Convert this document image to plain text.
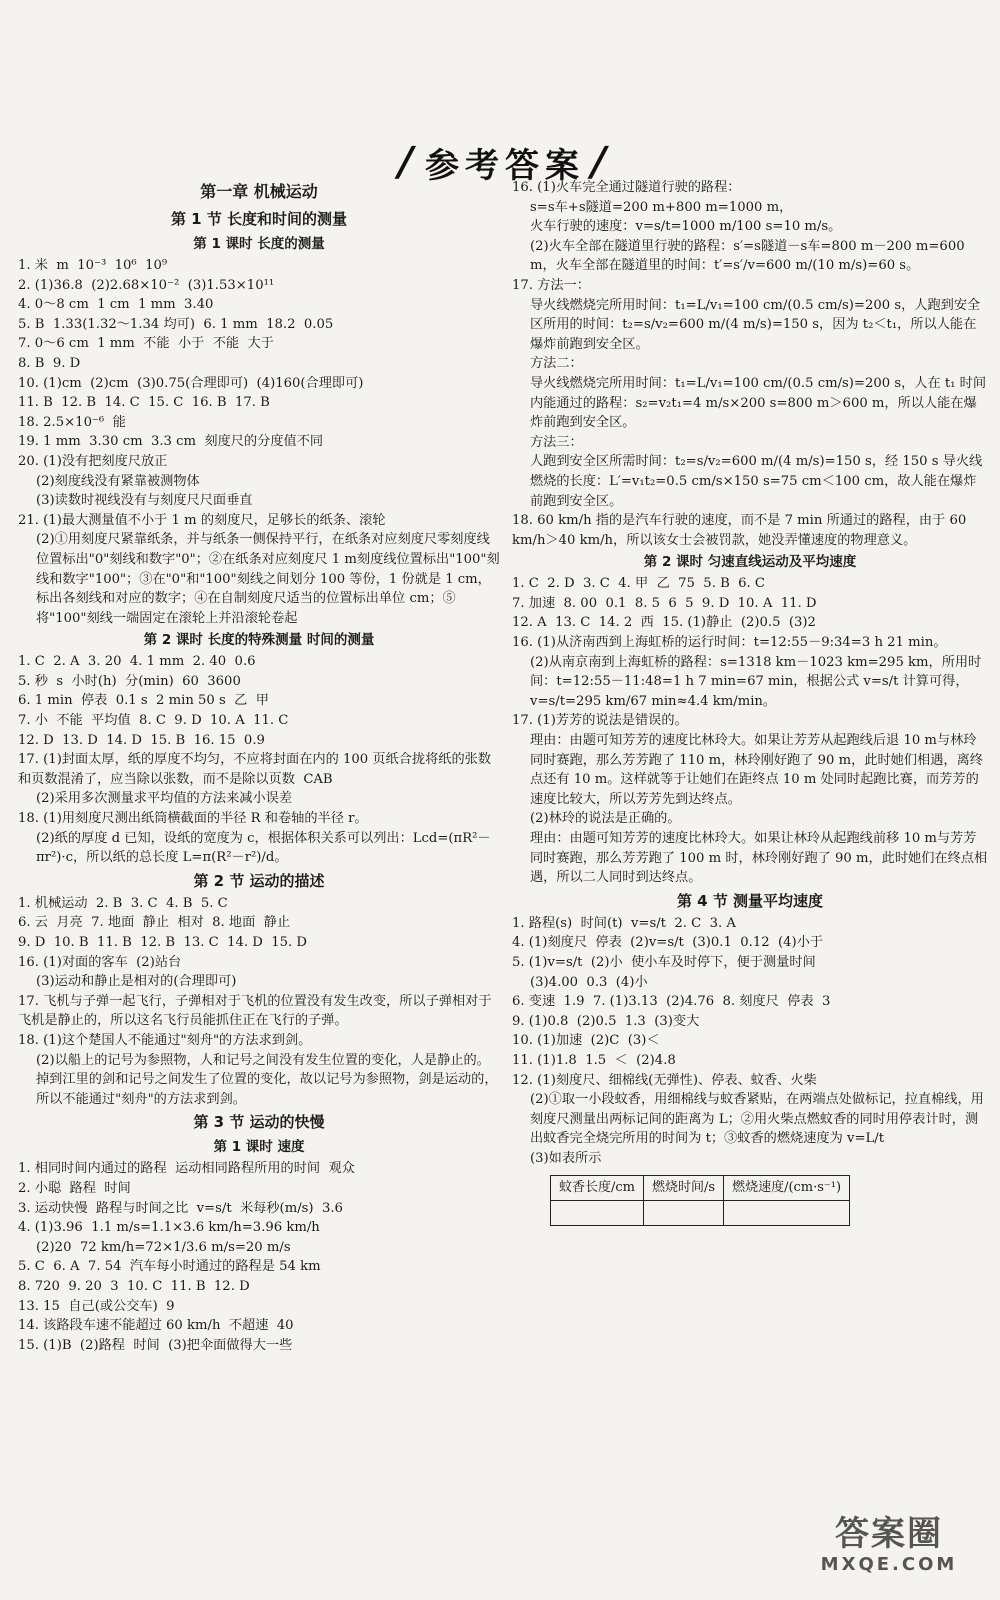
/ 参考答案 /

第一章 机械运动

第 1 节 长度和时间的测量

第 1 课时 长度的测量

1. 米  m  10⁻³  10⁶  10⁹

2. (1)36.8  (2)2.68×10⁻²  (3)1.53×10¹¹

4. 0～8 cm  1 cm  1 mm  3.40

5. B  1.33(1.32～1.34 均可)  6. 1 mm  18.2  0.05

7. 0～6 cm  1 mm  不能  小于  不能  大于

8. B  9. D

10. (1)cm  (2)cm  (3)0.75(合理即可)  (4)160(合理即可)

11. B  12. B  14. C  15. C  16. B  17. B

18. 2.5×10⁻⁶  能

19. 1 mm  3.30 cm  3.3 cm  刻度尺的分度值不同

20. (1)没有把刻度尺放正

(2)刻度线没有紧靠被测物体

(3)读数时视线没有与刻度尺尺面垂直

21. (1)最大测量值不小于 1 m 的刻度尺，足够长的纸条、滚轮

(2)①用刻度尺紧靠纸条，并与纸条一侧保持平行，在纸条对应刻度尺零刻度线位置标出"0"刻线和数字"0"；②在纸条对应刻度尺 1 m刻度线位置标出"100"刻线和数字"100"；③在"0"和"100"刻线之间划分 100 等份，1 份就是 1 cm，标出各刻线和对应的数字；④在自制刻度尺适当的位置标出单位 cm；⑤将"100"刻线一端固定在滚轮上并沿滚轮卷起

第 2 课时 长度的特殊测量 时间的测量

1. C  2. A  3. 20  4. 1 mm  2. 40  0.6

5. 秒  s  小时(h)  分(min)  60  3600

6. 1 min  停表  0.1 s  2 min 50 s  乙  甲

7. 小  不能  平均值  8. C  9. D  10. A  11. C

12. D  13. D  14. D  15. B  16. 15  0.9

17. (1)封面太厚，纸的厚度不均匀，不应将封面在内的 100 页纸合拢将纸的张数和页数混淆了，应当除以张数，而不是除以页数  CAB

(2)采用多次测量求平均值的方法来减小误差

18. (1)用刻度尺测出纸筒横截面的半径 R 和卷轴的半径 r。

(2)纸的厚度 d 已知，设纸的宽度为 c，根据体积关系可以列出：Lcd=(πR²－πr²)·c，所以纸的总长度 L=π(R²－r²)/d。

第 2 节 运动的描述

1. 机械运动  2. B  3. C  4. B  5. C

6. 云  月亮  7. 地面  静止  相对  8. 地面  静止

9. D  10. B  11. B  12. B  13. C  14. D  15. D

16. (1)对面的客车  (2)站台

(3)运动和静止是相对的(合理即可)

17. 飞机与子弹一起飞行，子弹相对于飞机的位置没有发生改变，所以子弹相对于飞机是静止的，所以这名飞行员能抓住正在飞行的子弹。

18. (1)这个楚国人不能通过"刻舟"的方法求到剑。

(2)以船上的记号为参照物，人和记号之间没有发生位置的变化，人是静止的。掉到江里的剑和记号之间发生了位置的变化，故以记号为参照物，剑是运动的，所以不能通过"刻舟"的方法求到剑。

第 3 节 运动的快慢

第 1 课时 速度

1. 相同时间内通过的路程  运动相同路程所用的时间  观众

2. 小聪  路程  时间

3. 运动快慢  路程与时间之比  v=s/t  米每秒(m/s)  3.6

4. (1)3.96  1.1 m/s=1.1×3.6 km/h=3.96 km/h

(2)20  72 km/h=72×1/3.6 m/s=20 m/s

5. C  6. A  7. 54  汽车每小时通过的路程是 54 km

8. 720  9. 20  3  10. C  11. B  12. D

13. 15  自己(或公交车)  9

14. 该路段车速不能超过 60 km/h  不超速  40

15. (1)B  (2)路程  时间  (3)把伞面做得大一些

16. (1)火车完全通过隧道行驶的路程：

s=s车+s隧道=200 m+800 m=1000 m，

火车行驶的速度：v=s/t=1000 m/100 s=10 m/s。

(2)火车全部在隧道里行驶的路程：s′=s隧道－s车=800 m－200 m=600 m，火车全部在隧道里的时间：t′=s′/v=600 m/(10 m/s)=60 s。

17. 方法一：

导火线燃烧完所用时间：t₁=L/v₁=100 cm/(0.5 cm/s)=200 s，人跑到安全区所用的时间：t₂=s/v₂=600 m/(4 m/s)=150 s，因为 t₂＜t₁，所以人能在爆炸前跑到安全区。

方法二：

导火线燃烧完所用时间：t₁=L/v₁=100 cm/(0.5 cm/s)=200 s，人在 t₁ 时间内能通过的路程：s₂=v₂t₁=4 m/s×200 s=800 m＞600 m，所以人能在爆炸前跑到安全区。

方法三：

人跑到安全区所需时间：t₂=s/v₂=600 m/(4 m/s)=150 s，经 150 s 导火线燃烧的长度：L′=v₁t₂=0.5 cm/s×150 s=75 cm＜100 cm，故人能在爆炸前跑到安全区。

18. 60 km/h 指的是汽车行驶的速度，而不是 7 min 所通过的路程，由于 60 km/h＞40 km/h，所以该女士会被罚款，她没弄懂速度的物理意义。

第 2 课时 匀速直线运动及平均速度

1. C  2. D  3. C  4. 甲  乙  75  5. B  6. C

7. 加速  8. 00  0.1  8. 5  6  5  9. D  10. A  11. D

12. A  13. C  14. 2  西  15. (1)静止  (2)0.5  (3)2

16. (1)从济南西到上海虹桥的运行时间：t=12:55－9:34=3 h 21 min。

(2)从南京南到上海虹桥的路程：s=1318 km－1023 km=295 km，所用时间：t=12:55－11:48=1 h 7 min=67 min，根据公式 v=s/t 计算可得，v=s/t=295 km/67 min≈4.4 km/min。

17. (1)芳芳的说法是错误的。

理由：由题可知芳芳的速度比林玲大。如果让芳芳从起跑线后退 10 m与林玲同时赛跑，那么芳芳跑了 110 m，林玲刚好跑了 90 m，此时她们相遇，离终点还有 10 m。这样就等于让她们在距终点 10 m 处同时起跑比赛，而芳芳的速度比较大，所以芳芳先到达终点。

(2)林玲的说法是正确的。

理由：由题可知芳芳的速度比林玲大。如果让林玲从起跑线前移 10 m与芳芳同时赛跑，那么芳芳跑了 100 m 时，林玲刚好跑了 90 m，此时她们在终点相遇，所以二人同时到达终点。

第 4 节 测量平均速度

1. 路程(s)  时间(t)  v=s/t  2. C  3. A

4. (1)刻度尺  停表  (2)v=s/t  (3)0.1  0.12  (4)小于

5. (1)v=s/t  (2)小  使小车及时停下，便于测量时间

(3)4.00  0.3  (4)小

6. 变速  1.9  7. (1)3.13  (2)4.76  8. 刻度尺  停表  3

9. (1)0.8  (2)0.5  1.3  (3)变大

10. (1)加速  (2)C  (3)＜

11. (1)1.8  1.5  ＜  (2)4.8

12. (1)刻度尺、细棉线(无弹性)、停表、蚊香、火柴

(2)①取一小段蚊香，用细棉线与蚊香紧贴，在两端点处做标记，拉直棉线，用刻度尺测量出两标记间的距离为 L；②用火柴点燃蚊香的同时用停表计时，测出蚊香完全烧完所用的时间为 t；③蚊香的燃烧速度为 v=L/t

(3)如表所示

蚊香长度/cm	燃烧时间/s	燃烧速度/(cm·s⁻¹)

答案圈
MXQE.COM
